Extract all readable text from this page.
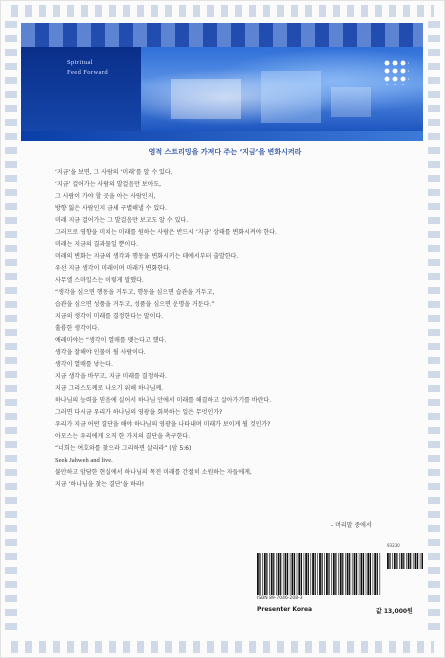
Spiritual
Feed Forward
영적 스트리밍을 가져다 주는 ‘지금’을 변화시켜라
‘지금’을 보면, 그 사람의 ‘미래’를 알 수 있다.
‘지금’ 걸어가는 사람의 발걸음만 보아도,
그 사람이 가야 할 곳을 아는 사람인지,
방향 잃은 사람인지 금세 구별해낼 수 있다.
미래 지금 걸어가는 그 발걸음만 보고도 알 수 있다.
그러므로 영향을 미치는 미래를 원하는 사람은 반드시 ‘지금’ 상태를 변화시켜야 한다.
미래는 지금의 결과물일 뿐이다.
미래의 변화는 지금의 생각과 행동을 변화시키는 데에서부터 출발한다.
우선 지금 생각이 미래이며 미래가 변화한다.
사무엘 스마일스는 이렇게 말했다.
“생각을 심으면 행동을 거두고, 행동을 심으면 습관을 거두고,
습관을 심으면 성품을 거두고, 성품을 심으면 운명을 거둔다.”
지금의 생각이 미래를 결정한다는 말이다.
훌륭한 생각이다.
예레미야는 “생각이 열매를 맺는다고 했다.
생각을 잘해야 인물이 될 사람이다.
생각이 열매를 낳는다.
지금 생각을 바꾸고, 지금 미래를 결정하라.
지금 그리스도께로 나오기 위해 하나님께.
하나님의 능력을 믿음에 실어서 하나님 안에서 미래를 해결하고 살아가기를 바란다.
그러면 다시금 우리가 하나님의 영광을 회복하는 일은 무엇인가?
우리가 지금 어떤 결단을 해야 하나님의 영광을 나타내며 미래가 보이게 될 것인가?
아모스는 우리에게 오직 한 가지의 결단을 촉구한다.
“너희는 여호와를 찾으라 그리하면 살리라” (암 5:6)
Seek Jahweh and live.
불안하고 암담한 현실에서 하나님의 목전 미래를 간절히 소원하는 자들에게,
지금 ‘하나님을 찾는 결단’을 하라!
- 머리말 중에서
93230
ISBN 89-7046-208-3
Presenter Korea	값 13,000원
